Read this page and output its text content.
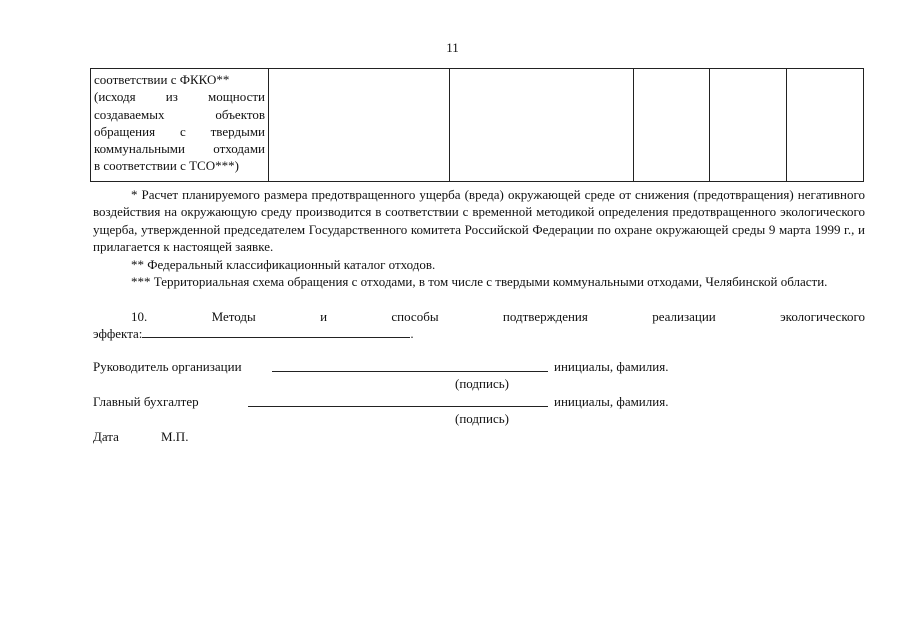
11
соответствии с ФККО**
(исходя из мощности
создаваемых объектов
обращения с твердыми
коммунальными отходами
в соответствии с ТСО***)

* Расчет планируемого размера предотвращенного ущерба (вреда) окружающей среде от снижения (предотвращения) негативного воздействия на окружающую среду производится в соответствии с временной методикой определения предотвращенного экологического ущерба, утвержденной председателем Государственного комитета Российской Федерации по охране окружающей среды 9 марта 1999 г., и прилагается к настоящей заявке.
** Федеральный классификационный каталог отходов.
*** Территориальная схема обращения с отходами, в том числе с твердыми коммунальными отходами, Челябинской области.
10. Методы и способы подтверждения реализации экологического
эффекта:	.
Руководитель организации	инициалы, фамилия.
(подпись)
Главный бухгалтер	инициалы, фамилия.
(подпись)
Дата	М.П.
